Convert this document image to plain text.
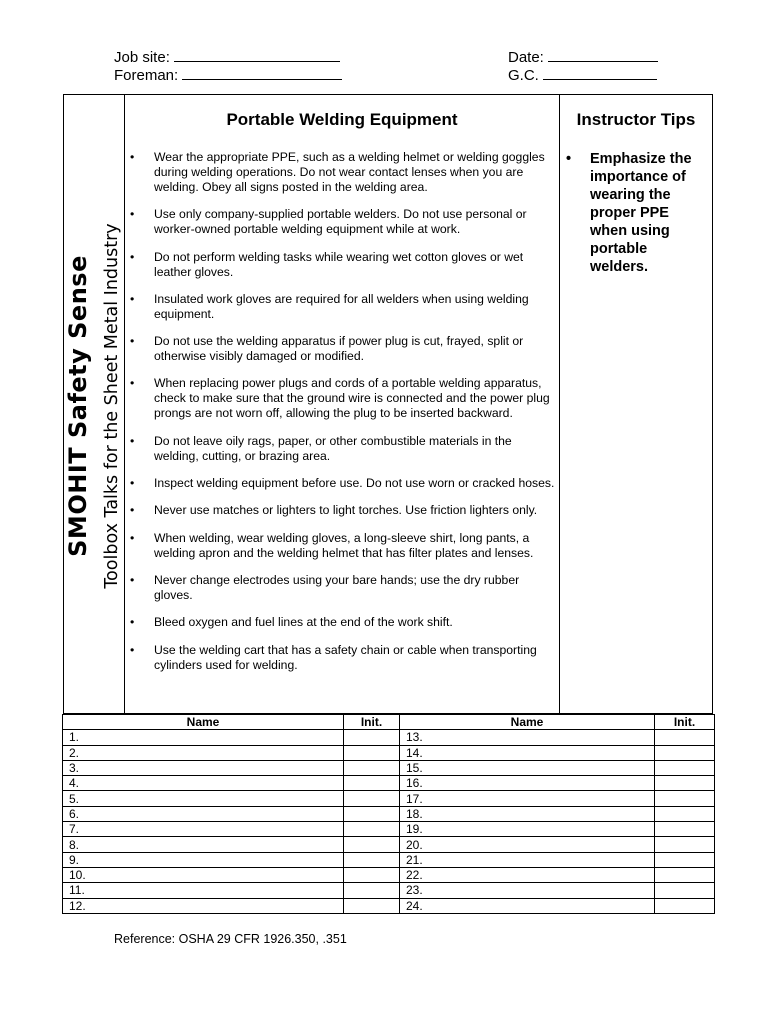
Job site:
Foreman:
Date:
G.C.
SMOHIT Safety Sense Toolbox Talks for the Sheet Metal Industry
Portable Welding Equipment
• Wear the appropriate PPE, such as a welding helmet or welding goggles during welding operations. Do not wear contact lenses when you are welding. Obey all signs posted in the welding area.
• Use only company-supplied portable welders. Do not use personal or worker-owned portable welding equipment while at work.
• Do not perform welding tasks while wearing wet cotton gloves or wet leather gloves.
• Insulated work gloves are required for all welders when using welding equipment.
• Do not use the welding apparatus if power plug is cut, frayed, split or otherwise visibly damaged or modified.
• When replacing power plugs and cords of a portable welding apparatus, check to make sure that the ground wire is connected and the power plug prongs are not worn off, allowing the plug to be inserted backward.
• Do not leave oily rags, paper, or other combustible materials in the welding, cutting, or brazing area.
• Inspect welding equipment before use. Do not use worn or cracked hoses.
• Never use matches or lighters to light torches. Use friction lighters only.
• When welding, wear welding gloves, a long-sleeve shirt, long pants, a welding apron and the welding helmet that has filter plates and lenses.
• Never change electrodes using your bare hands; use the dry rubber gloves.
• Bleed oxygen and fuel lines at the end of the work shift.
• Use the welding cart that has a safety chain or cable when transporting cylinders used for welding.
Instructor Tips
• Emphasize the importance of wearing the proper PPE when using portable welders.
Name	Init.	Name	Init.
1.		13.	
2.		14.	
3.		15.	
4.		16.	
5.		17.	
6.		18.	
7.		19.	
8.		20.	
9.		21.	
10.		22.	
11.		23.	
12.		24.	
Reference: OSHA 29 CFR 1926.350, .351
